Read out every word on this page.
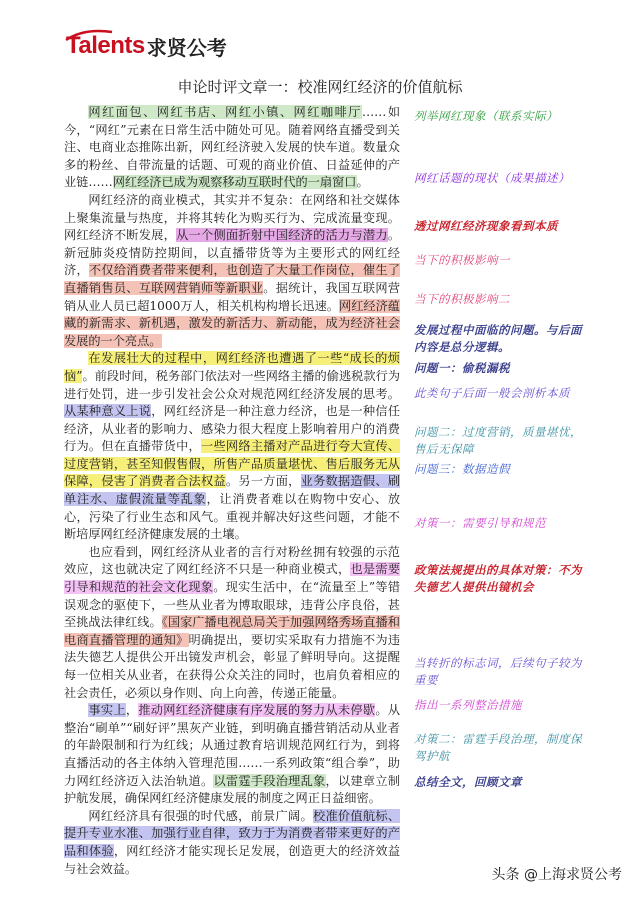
Talents 求贤公考
申论时评文章一：校准网红经济的价值航标

网红面包、网红书店、网红小镇、网红咖啡厅……如今，“网红”元素在日常生活中随处可见。随着网络直播受到关注、电商业态推陈出新，网红经济驶入发展的快车道。数量众多的粉丝、自带流量的话题、可观的商业价值、日益延伸的产业链……网红经济已成为观察移动互联时代的一扇窗口。

网红经济的商业模式，其实并不复杂：在网络和社交媒体上聚集流量与热度，并将其转化为购买行为、完成流量变现。网红经济不断发展，从一个侧面折射中国经济的活力与潜力。新冠肺炎疫情防控期间，以直播带货等为主要形式的网红经济，不仅给消费者带来便利，也创造了大量工作岗位，催生了直播销售员、互联网营销师等新职业。据统计，我国互联网营销从业人员已超1000万人，相关机构构增长迅速。网红经济蕴藏的新需求、新机遇，激发的新活力、新动能，成为经济社会发展的一个亮点。

在发展壮大的过程中，网红经济也遭遇了一些“成长的烦恼”。前段时间，税务部门依法对一些网络主播的偷逃税款行为进行处罚，进一步引发社会公众对规范网红经济发展的思考。从某种意义上说，网红经济是一种注意力经济，也是一种信任经济，从业者的影响力、感染力很大程度上影响着用户的消费行为。但在直播带货中，一些网络主播对产品进行夸大宣传、过度营销，甚至知假售假，所售产品质量堪忧、售后服务无从保障，侵害了消费者合法权益。另一方面，业务数据造假、刷单注水、虚假流量等乱象，让消费者难以在购物中安心、放心，污染了行业生态和风气。重视并解决好这些问题，才能不断培厚网红经济健康发展的土壤。

也应看到，网红经济从业者的言行对粉丝拥有较强的示范效应，这也就决定了网红经济不只是一种商业模式，也是需要引导和规范的社会文化现象。现实生活中，在“流量至上”等错误观念的驱使下，一些从业者为博取眼球，违背公序良俗，甚至挑战法律红线。《国家广播电视总局关于加强网络秀场直播和电商直播管理的通知》明确提出，要切实采取有力措施不为违法失德艺人提供公开出镜发声机会，彰显了鲜明导向。这提醒每一位相关从业者，在获得公众关注的同时，也肩负着相应的社会责任，必须以身作则、向上向善，传递正能量。

事实上，推动网红经济健康有序发展的努力从未停歇。从整治“刷单”“刷好评”黑灰产业链，到明确直播营销活动从业者的年龄限制和行为红线；从通过教育培训规范网红行为，到将直播活动的各主体纳入管理范围……一系列政策“组合拳”，助力网红经济迈入法治轨道。以雷霆手段治理乱象，以建章立制护航发展，确保网红经济健康发展的制度之网正日益细密。

网红经济具有很强的时代感，前景广阔。校准价值航标、提升专业水准、加强行业自律，致力于为消费者带来更好的产品和体验，网红经济才能实现长足发展，创造更大的经济效益与社会效益。

列举网红现象（联系实际）
网红话题的现状（成果描述）
透过网红经济现象看到本质
当下的积极影响一
当下的积极影响二
发展过程中面临的问题。与后面内容是总分逻辑。
问题一：偷税漏税
此类句子后面一般会剖析本质
问题二：过度营销，质量堪忧，售后无保障
问题三：数据造假
对策一：需要引导和规范
政策法规提出的具体对策：不为失德艺人提供出镜机会
当转折的标志词，后续句子较为重要
指出一系列整治措施
对策二：雷霆手段治理，制度保驾护航
总结全文，回顾文章
头条 @上海求贤公考
